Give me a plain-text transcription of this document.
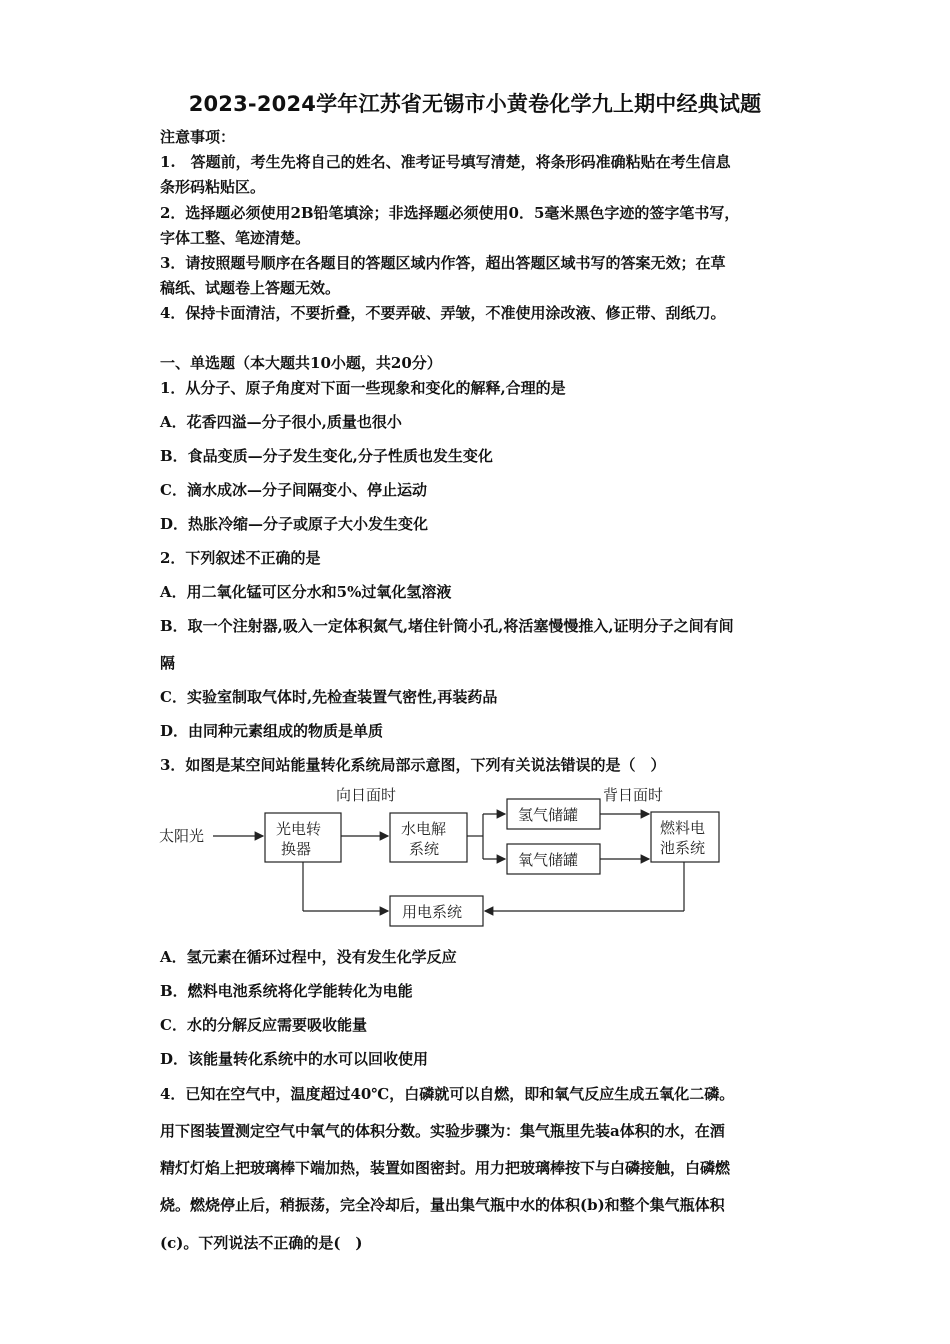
2023-2024学年江苏省无锡市小黄卷化学九上期中经典试题
注意事项：
1.　答题前，考生先将自己的姓名、准考证号填写清楚，将条形码准确粘贴在考生信息
条形码粘贴区。
2．选择题必须使用2B铅笔填涂；非选择题必须使用0．5毫米黑色字迹的签字笔书写，
字体工整、笔迹清楚。
3．请按照题号顺序在各题目的答题区域内作答，超出答题区域书写的答案无效；在草
稿纸、试题卷上答题无效。
4．保持卡面清洁，不要折叠，不要弄破、弄皱，不准使用涂改液、修正带、刮纸刀。
一、单选题（本大题共10小题，共20分）
1．从分子、原子角度对下面一些现象和变化的解释,合理的是
A．花香四溢—分子很小,质量也很小
B．食品变质—分子发生变化,分子性质也发生变化
C．滴水成冰—分子间隔变小、停止运动
D．热胀冷缩—分子或原子大小发生变化
2．下列叙述不正确的是
A．用二氧化锰可区分水和5%过氧化氢溶液
B．取一个注射器,吸入一定体积氮气,堵住针筒小孔,将活塞慢慢推入,证明分子之间有间
隔
C．实验室制取气体时,先检查装置气密性,再装药品
D．由同种元素组成的物质是单质
3．如图是某空间站能量转化系统局部示意图，下列有关说法错误的是（　）
太阳光
向日面时	背日面时
光电转
换器
水电解
系统
氢气储罐
氧气储罐
燃料电
池系统
用电系统
A．氢元素在循环过程中，没有发生化学反应
B．燃料电池系统将化学能转化为电能
C．水的分解反应需要吸收能量
D．该能量转化系统中的水可以回收使用
4．已知在空气中，温度超过40℃，白磷就可以自燃，即和氧气反应生成五氧化二磷。
用下图装置测定空气中氧气的体积分数。实验步骤为：集气瓶里先装a体积的水，在酒
精灯灯焰上把玻璃棒下端加热，装置如图密封。用力把玻璃棒按下与白磷接触，白磷燃
烧。燃烧停止后，稍振荡，完全冷却后，量出集气瓶中水的体积(b)和整个集气瓶体积
(c)。下列说法不正确的是(　)
